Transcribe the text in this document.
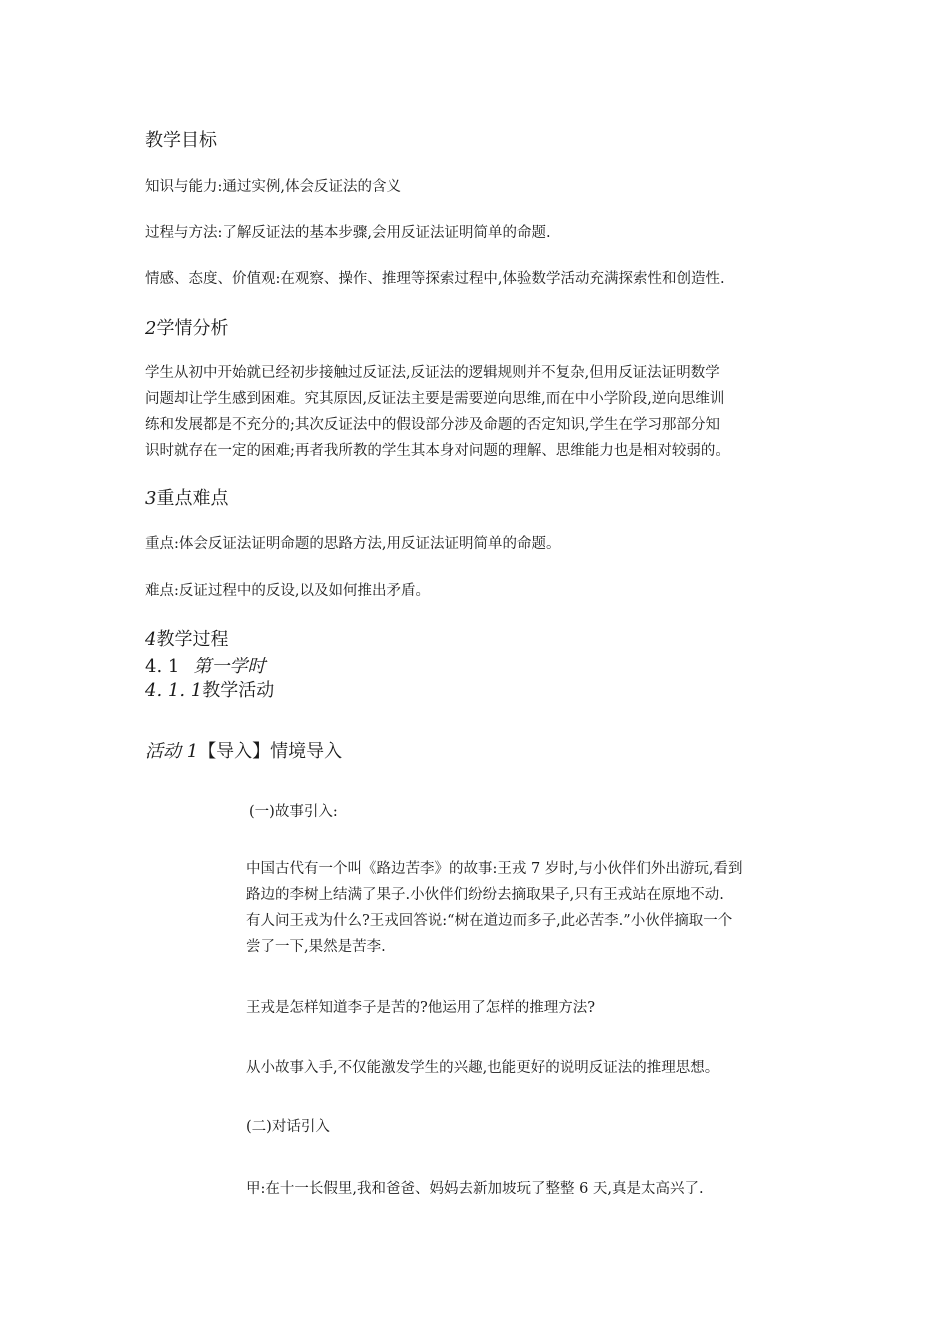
教学目标

知识与能力:通过实例,体会反证法的含义

过程与方法:了解反证法的基本步骤,会用反证法证明简单的命题.

情感、态度、价值观:在观察、操作、推理等探索过程中,体验数学活动充满探索性和创造性.

2学情分析

学生从初中开始就已经初步接触过反证法,反证法的逻辑规则并不复杂,但用反证法证明数学
问题却让学生感到困难。究其原因,反证法主要是需要逆向思维,而在中小学阶段,逆向思维训
练和发展都是不充分的;其次反证法中的假设部分涉及命题的否定知识,学生在学习那部分知
识时就存在一定的困难;再者我所教的学生其本身对问题的理解、思维能力也是相对较弱的。

3重点难点

重点:体会反证法证明命题的思路方法,用反证法证明简单的命题。

难点:反证过程中的反设,以及如何推出矛盾。

4教学过程

4. 1 第一学时

4. 1. 1教学活动

活动 1【导入】情境导入

(一)故事引入:

中国古代有一个叫《路边苦李》的故事:王戎 7 岁时,与小伙伴们外出游玩,看到
路边的李树上结满了果子.小伙伴们纷纷去摘取果子,只有王戎站在原地不动.
有人问王戎为什么?王戎回答说:“树在道边而多子,此必苦李.”小伙伴摘取一个
尝了一下,果然是苦李.

王戎是怎样知道李子是苦的?他运用了怎样的推理方法?

从小故事入手,不仅能激发学生的兴趣,也能更好的说明反证法的推理思想。

(二)对话引入

甲:在十一长假里,我和爸爸、妈妈去新加坡玩了整整 6 天,真是太高兴了.
